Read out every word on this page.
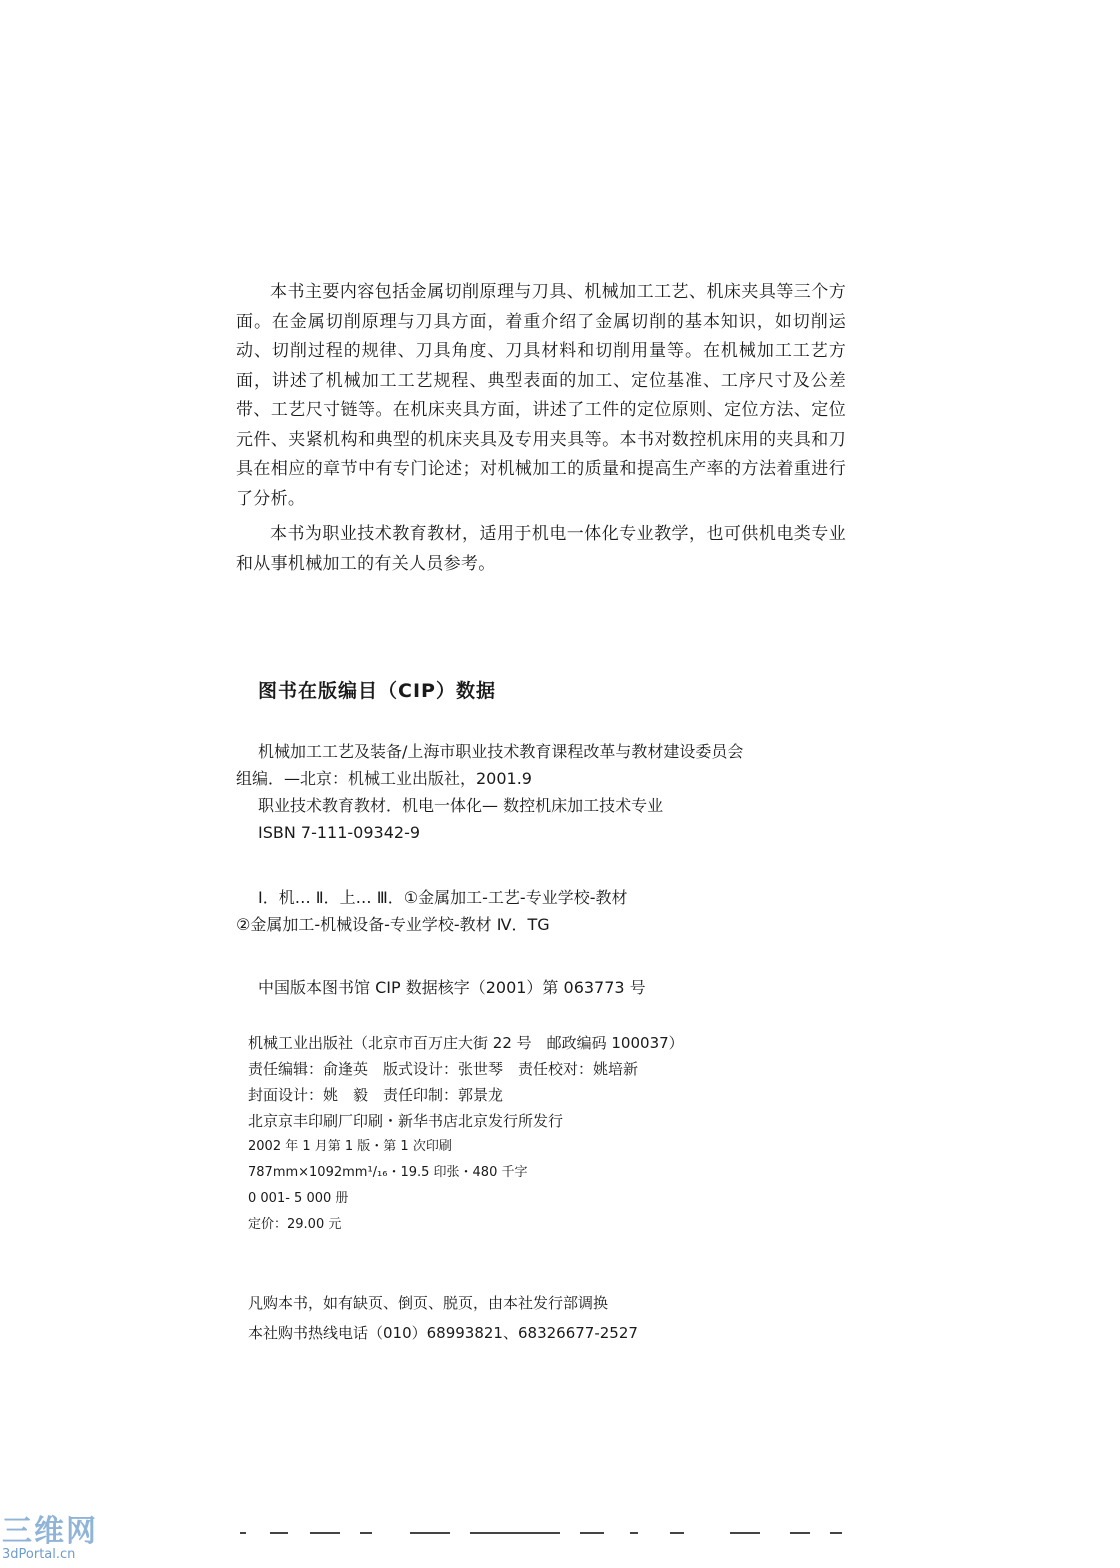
本书主要内容包括金属切削原理与刀具、机械加工工艺、机床夹具等三个方面。在金属切削原理与刀具方面，着重介绍了金属切削的基本知识，如切削运动、切削过程的规律、刀具角度、刀具材料和切削用量等。在机械加工工艺方面，讲述了机械加工工艺规程、典型表面的加工、定位基准、工序尺寸及公差带、工艺尺寸链等。在机床夹具方面，讲述了工件的定位原则、定位方法、定位元件、夹紧机构和典型的机床夹具及专用夹具等。本书对数控机床用的夹具和刀具在相应的章节中有专门论述；对机械加工的质量和提高生产率的方法着重进行了分析。

本书为职业技术教育教材，适用于机电一体化专业教学，也可供机电类专业和从事机械加工的有关人员参考。

图书在版编目（CIP）数据
机械加工工艺及装备/上海市职业技术教育课程改革与教材建设委员会
组编．—北京：机械工业出版社，2001.9
职业技术教育教材．机电一体化— 数控机床加工技术专业
ISBN 7-111-09342-9
Ⅰ．机… Ⅱ．上… Ⅲ．①金属加工-工艺-专业学校-教材
②金属加工-机械设备-专业学校-教材 Ⅳ．TG
中国版本图书馆 CIP 数据核字（2001）第 063773 号
机械工业出版社（北京市百万庄大街 22 号　邮政编码 100037）
责任编辑：俞逢英　版式设计：张世琴　责任校对：姚培新
封面设计：姚　毅　责任印制：郭景龙
北京京丰印刷厂印刷・新华书店北京发行所发行
2002 年 1 月第 1 版・第 1 次印刷
787mm×1092mm¹/₁₆・19.5 印张・480 千字
0 001- 5 000 册
定价：29.00 元
凡购本书，如有缺页、倒页、脱页，由本社发行部调换
本社购书热线电话（010）68993821、68326677-2527
三维网
3dPortal.cn
